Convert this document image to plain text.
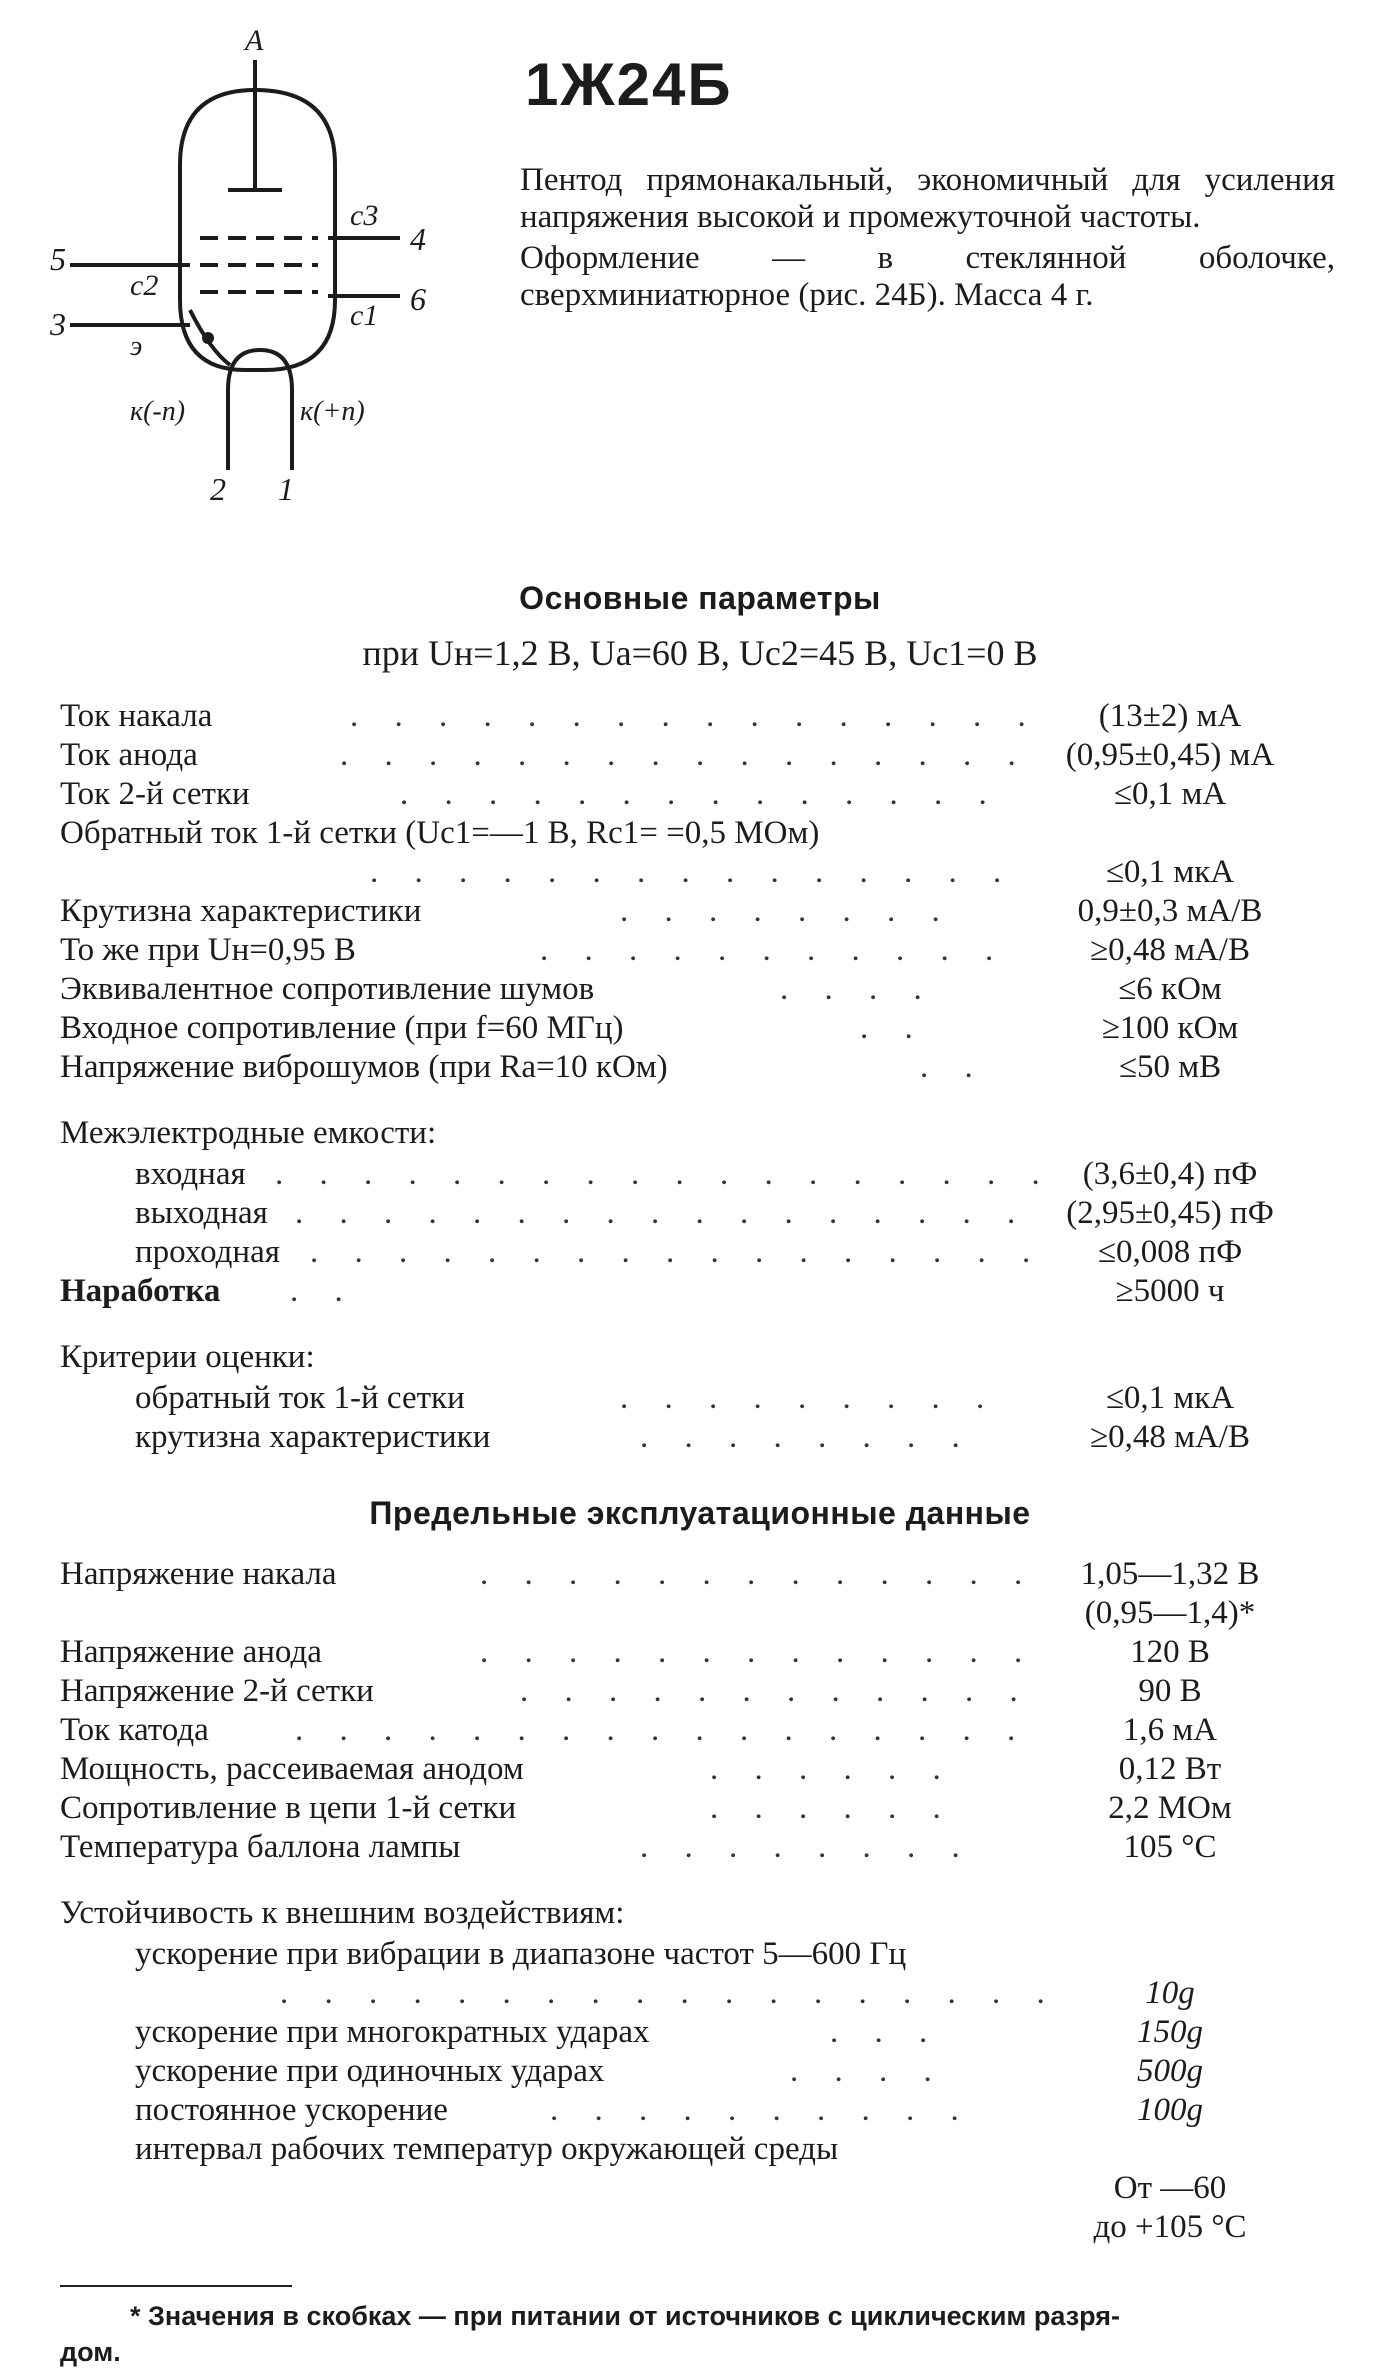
А
с3
4
5
с2	6
3	с1
э
к(-п)	к(+п)
2 1
1Ж24Б

Пентод прямонакальный, экономичный для усиления напряжения высокой и промежуточной частоты.

Оформление — в стеклянной оболочке, сверхминиатюрное (рис. 24Б). Масса 4 г.

Основные параметры
при Uн=1,2 В, Uа=60 В, Uс2=45 В, Uс1=0 В
Ток накала	. . . . . . . . . . . . . . . .	(13±2) мА
Ток анода	. . . . . . . . . . . . . . . .	(0,95±0,45) мА
Ток 2-й сетки	. . . . . . . . . . . . . .	≤0,1 мА
Обратный ток 1-й сетки (Uс1=—1 В, Rс1= =0,5 МОм)
. . . . . . . . . . . . . . .	≤0,1 мкА
Крутизна характеристики	. . . . . . . .	0,9±0,3 мА/В
То же при Uн=0,95 В	. . . . . . . . . . .	≥0,48 мА/В
Эквивалентное сопротивление шумов	. . . .	≤6 кОм
Входное сопротивление (при f=60 МГц)	. .	≥100 кОм
Напряжение виброшумов (при Rа=10 кОм)	. .	≤50 мВ
Межэлектродные емкости:
входная . . . . . . . . . . . . . . . . . . (3,6±0,4) пФ
выходная . . . . . . . . . . . . . . . . .	(2,95±0,45) пФ
проходная . . . . . . . . . . . . . . . . .	≤0,008 пФ
Наработка . .	≥5000 ч
Критерии оценки:
обратный ток 1-й сетки	. . . . . . . . .	≤0,1 мкА
крутизна характеристики	. . . . . . . .	≥0,48 мА/В
Предельные эксплуатационные данные
Напряжение накала	. . . . . . . . . . . . .	1,05—1,32 В
(0,95—1,4)*
Напряжение анода	. . . . . . . . . . . . .	120 В
Напряжение 2-й сетки	. . . . . . . . . . . .	90 В
Ток катода	. . . . . . . . . . . . . . . . .	1,6 мА
Мощность, рассеиваемая анодом	. . . . . .	0,12 Вт
Сопротивление в цепи 1-й сетки	. . . . . .	2,2 МОм
Температура баллона лампы	. . . . . . . .	105 °С
Устойчивость к внешним воздействиям:
ускорение при вибрации в диапазоне частот 5—600 Гц
. . . . . . . . . . . . . . . . . .	10g
ускорение при многократных ударах	. . .	150g
ускорение при одиночных ударах	. . . .	500g
постоянное ускорение	. . . . . . . . . .	100g
интервал рабочих температур окружающей среды
От —60
до +105 °С
* Значения в скобках — при питании от источников с циклическим разря-
дом.
